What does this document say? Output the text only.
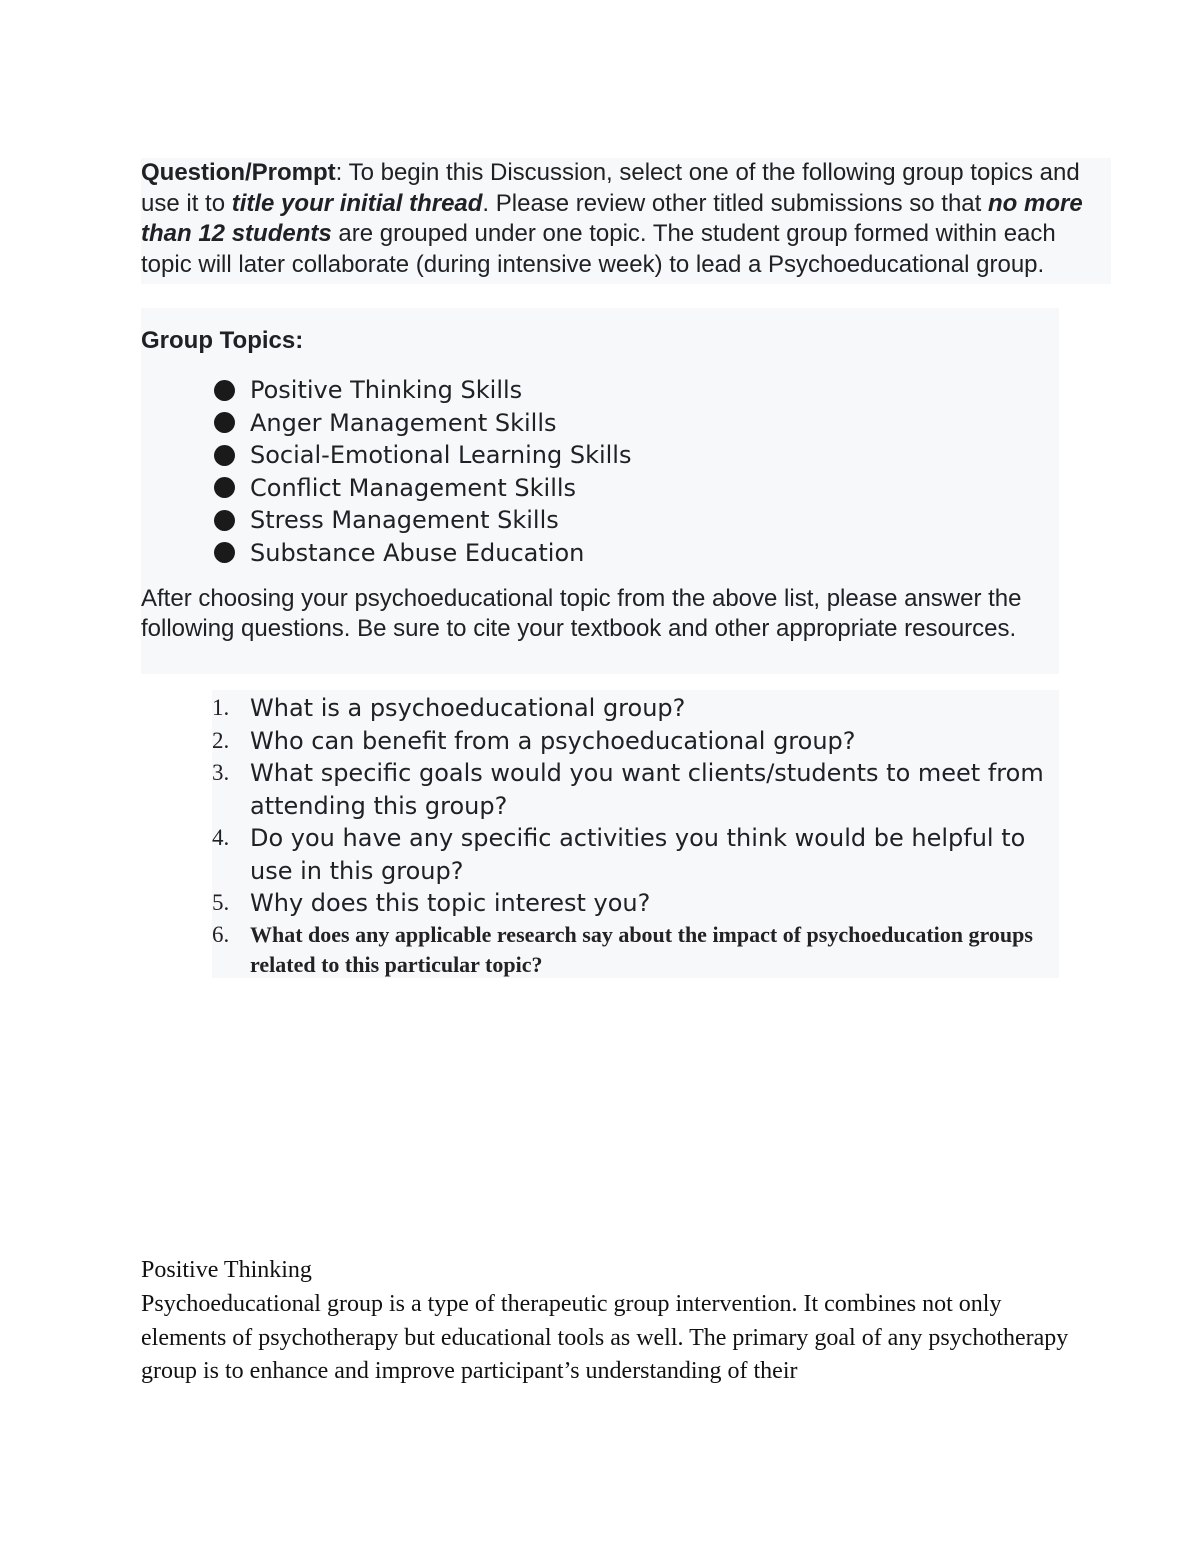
Question/Prompt: To begin this Discussion, select one of the following group topics and use it to title your initial thread. Please review other titled submissions so that no more than 12 students are grouped under one topic. The student group formed within each topic will later collaborate (during intensive week) to lead a Psychoeducational group.

Group Topics:
Positive Thinking Skills
Anger Management Skills
Social-Emotional Learning Skills
Conflict Management Skills
Stress Management Skills
Substance Abuse Education

After choosing your psychoeducational topic from the above list, please answer the following questions. Be sure to cite your textbook and other appropriate resources.

1. What is a psychoeducational group?
2. Who can benefit from a psychoeducational group?
3. What specific goals would you want clients/students to meet from attending this group?
4. Do you have any specific activities you think would be helpful to use in this group?
5. Why does this topic interest you?
6. What does any applicable research say about the impact of psychoeducation groups related to this particular topic?

Positive Thinking

Psychoeducational group is a type of therapeutic group intervention. It combines not only elements of psychotherapy but educational tools as well. The primary goal of any psychotherapy group is to enhance and improve participant’s understanding of their
